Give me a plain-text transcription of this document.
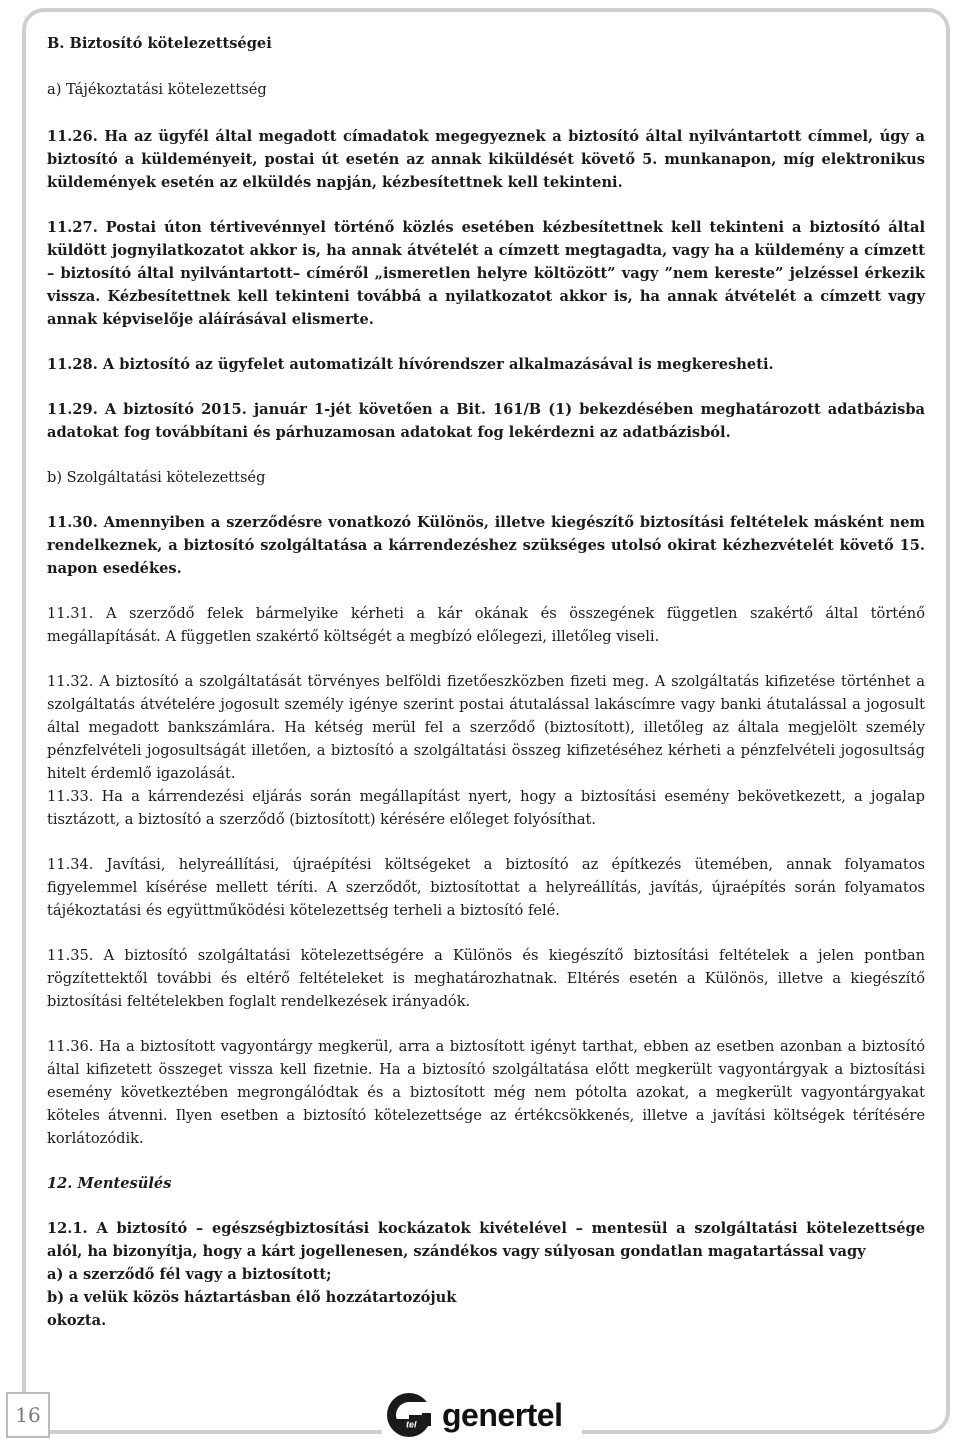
B. Biztosító kötelezettségei

a) Tájékoztatási kötelezettség

11.26. Ha az ügyfél által megadott címadatok megegyeznek a biztosító által nyilvántartott címmel, úgy a biztosító a küldeményeit, postai út esetén az annak kiküldését követő 5. munkanapon, míg elektronikus küldemények esetén az elküldés napján, kézbesítettnek kell tekinteni.

11.27. Postai úton tértivevénnyel történő közlés esetében kézbesítettnek kell tekinteni a biztosító által küldött jognyilatkozatot akkor is, ha annak átvételét a címzett megtagadta, vagy ha a küldemény a címzett – biztosító által nyilvántartott– címéről „ismeretlen helyre költözött” vagy ”nem kereste” jelzéssel érkezik vissza. Kézbesítettnek kell tekinteni továbbá a nyilatkozatot akkor is, ha annak átvételét a címzett vagy annak képviselője aláírásával elismerte.

11.28. A biztosító az ügyfelet automatizált hívórendszer alkalmazásával is megkeresheti.

11.29. A biztosító 2015. január 1-jét követően a Bit. 161/B (1) bekezdésében meghatározott adatbázisba adatokat fog továbbítani és párhuzamosan adatokat fog lekérdezni az adatbázisból.

b) Szolgáltatási kötelezettség

11.30. Amennyiben a szerződésre vonatkozó Különös, illetve kiegészítő biztosítási feltételek másként nem rendelkeznek, a biztosító szolgáltatása a kárrendezéshez szükséges utolsó okirat kézhezvételét követő 15. napon esedékes.

11.31. A szerződő felek bármelyike kérheti a kár okának és összegének független szakértő által történő megállapítását. A független szakértő költségét a megbízó előlegezi, illetőleg viseli.

11.32. A biztosító a szolgáltatását törvényes belföldi fizetőeszközben fizeti meg. A szolgáltatás kifizetése történhet a szolgáltatás átvételére jogosult személy igénye szerint postai átutalással lakáscímre vagy banki átutalással a jogosult által megadott bankszámlára. Ha kétség merül fel a szerződő (biztosított), illetőleg az általa megjelölt személy pénzfelvételi jogosultságát illetően, a biztosító a szolgáltatási összeg kifizetéséhez kérheti a pénzfelvételi jogosultság hitelt érdemlő igazolását.

11.33. Ha a kárrendezési eljárás során megállapítást nyert, hogy a biztosítási esemény bekövetkezett, a jogalap tisztázott, a biztosító a szerződő (biztosított) kérésére előleget folyósíthat.

11.34. Javítási, helyreállítási, újraépítési költségeket a biztosító az építkezés ütemében, annak folyamatos figyelemmel kísérése mellett téríti. A szerződőt, biztosítottat a helyreállítás, javítás, újraépítés során folyamatos tájékoztatási és együttműködési kötelezettség terheli a biztosító felé.

11.35. A biztosító szolgáltatási kötelezettségére a Különös és kiegészítő biztosítási feltételek a jelen pontban rögzítettektől további és eltérő feltételeket is meghatározhatnak. Eltérés esetén a Különös, illetve a kiegészítő biztosítási feltételekben foglalt rendelkezések irányadók.

11.36. Ha a biztosított vagyontárgy megkerül, arra a biztosított igényt tarthat, ebben az esetben azonban a biztosító által kifizetett összeget vissza kell fizetnie. Ha a biztosító szolgáltatása előtt megkerült vagyontárgyak a biztosítási esemény következtében megrongálódtak és a biztosított még nem pótolta azokat, a megkerült vagyontárgyakat köteles átvenni. Ilyen esetben a biztosító kötelezettsége az értékcsökkenés, illetve a javítási költségek térítésére korlátozódik.

12. Mentesülés

12.1. A biztosító – egészségbiztosítási kockázatok kivételével – mentesül a szolgáltatási kötelezettsége alól, ha bizonyítja, hogy a kárt jogellenesen, szándékos vagy súlyosan gondatlan magatartással vagy

a) a szerződő fél vagy a biztosított;

b) a velük közös háztartásban élő hozzátartozójuk

okozta.

16	tel genertel
